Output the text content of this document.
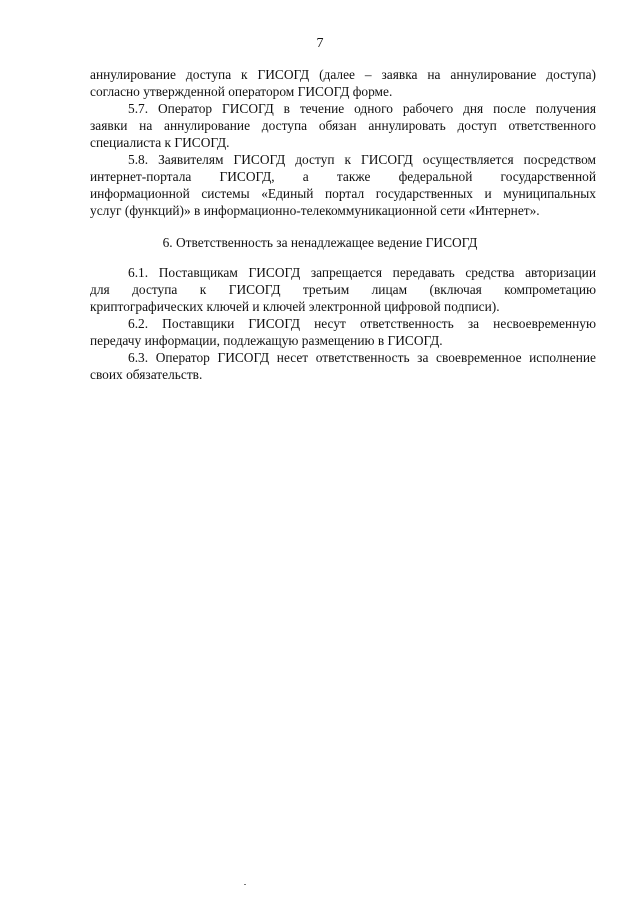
7
аннулирование доступа к ГИСОГД (далее – заявка на аннулирование доступа)
согласно утвержденной оператором ГИСОГД форме.
5.7. Оператор ГИСОГД в течение одного рабочего дня после получения
заявки на аннулирование доступа обязан аннулировать доступ ответственного
специалиста к ГИСОГД.
5.8. Заявителям ГИСОГД доступ к ГИСОГД осуществляется посредством
интернет-портала ГИСОГД, а также федеральной государственной
информационной системы «Единый портал государственных и муниципальных
услуг (функций)» в информационно-телекоммуникационной сети «Интернет».
6. Ответственность за ненадлежащее ведение ГИСОГД
6.1. Поставщикам ГИСОГД запрещается передавать средства авторизации
для доступа к ГИСОГД третьим лицам (включая компрометацию
криптографических ключей и ключей электронной цифровой подписи).
6.2. Поставщики ГИСОГД несут ответственность за несвоевременную
передачу информации, подлежащую размещению в ГИСОГД.
6.3. Оператор ГИСОГД несет ответственность за своевременное исполнение
своих обязательств.
